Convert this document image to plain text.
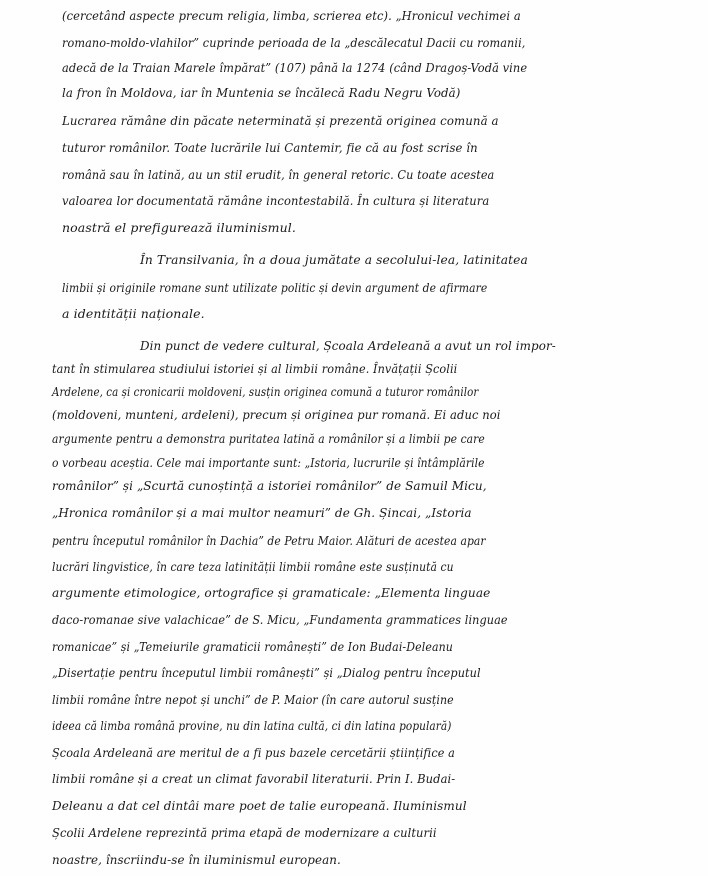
(cercetând aspecte precum religia, limba, scrierea etc). „Hronicul vechimei a
romano-moldo-vlahilor” cuprinde perioada de la „descălecatul Dacii cu romanii,
adecă de la Traian Marele împărat” (107) până la 1274 (când Dragoș-Vodă vine
la fron în Moldova, iar în Muntenia se încălecă Radu Negru Vodă)
Lucrarea rămâne din păcate neterminată și prezentă originea comună a
tuturor românilor. Toate lucrările lui Cantemir, fie că au fost scrise în
română sau în latină, au un stil erudit, în general retoric. Cu toate acestea
valoarea lor documentată rămâne incontestabilă. În cultura și literatura
noastră el prefigurează iluminismul.
În Transilvania, în a doua jumătate a secolului-lea, latinitatea
limbii și originile romane sunt utilizate politic și devin argument de afirmare
a identității naționale.
Din punct de vedere cultural, Școala Ardeleană a avut un rol impor-
tant în stimularea studiului istoriei și al limbii române. Învățații Școlii
Ardelene, ca și cronicarii moldoveni, susțin originea comună a tuturor românilor
(moldoveni, munteni, ardeleni), precum și originea pur romană. Ei aduc noi
argumente pentru a demonstra puritatea latină a românilor și a limbii pe care
o vorbeau aceștia. Cele mai importante sunt: „Istoria, lucrurile și întâmplările
românilor” și „Scurtă cunoștință a istoriei românilor” de Samuil Micu,
„Hronica românilor și a mai multor neamuri” de Gh. Șincai, „Istoria
pentru începutul românilor în Dachia” de Petru Maior. Alături de acestea apar
lucrări lingvistice, în care teza latinității limbii române este susținută cu
argumente etimologice, ortografice și gramaticale: „Elementa linguae
daco-romanae sive valachicae” de S. Micu, „Fundamenta grammatices linguae
romanicae” și „Temeiurile gramaticii românești” de Ion Budai-Deleanu
„Disertație pentru începutul limbii românești” și „Dialog pentru începutul
limbii române între nepot și unchi” de P. Maior (în care autorul susține
ideea că limba română provine, nu din latina cultă, ci din latina populară)
Școala Ardeleană are meritul de a fi pus bazele cercetării științifice a
limbii române și a creat un climat favorabil literaturii. Prin I. Budai-
Deleanu a dat cel dintâi mare poet de talie europeană. Iluminismul
Școlii Ardelene reprezintă prima etapă de modernizare a culturii
noastre, înscriindu-se în iluminismul european.
